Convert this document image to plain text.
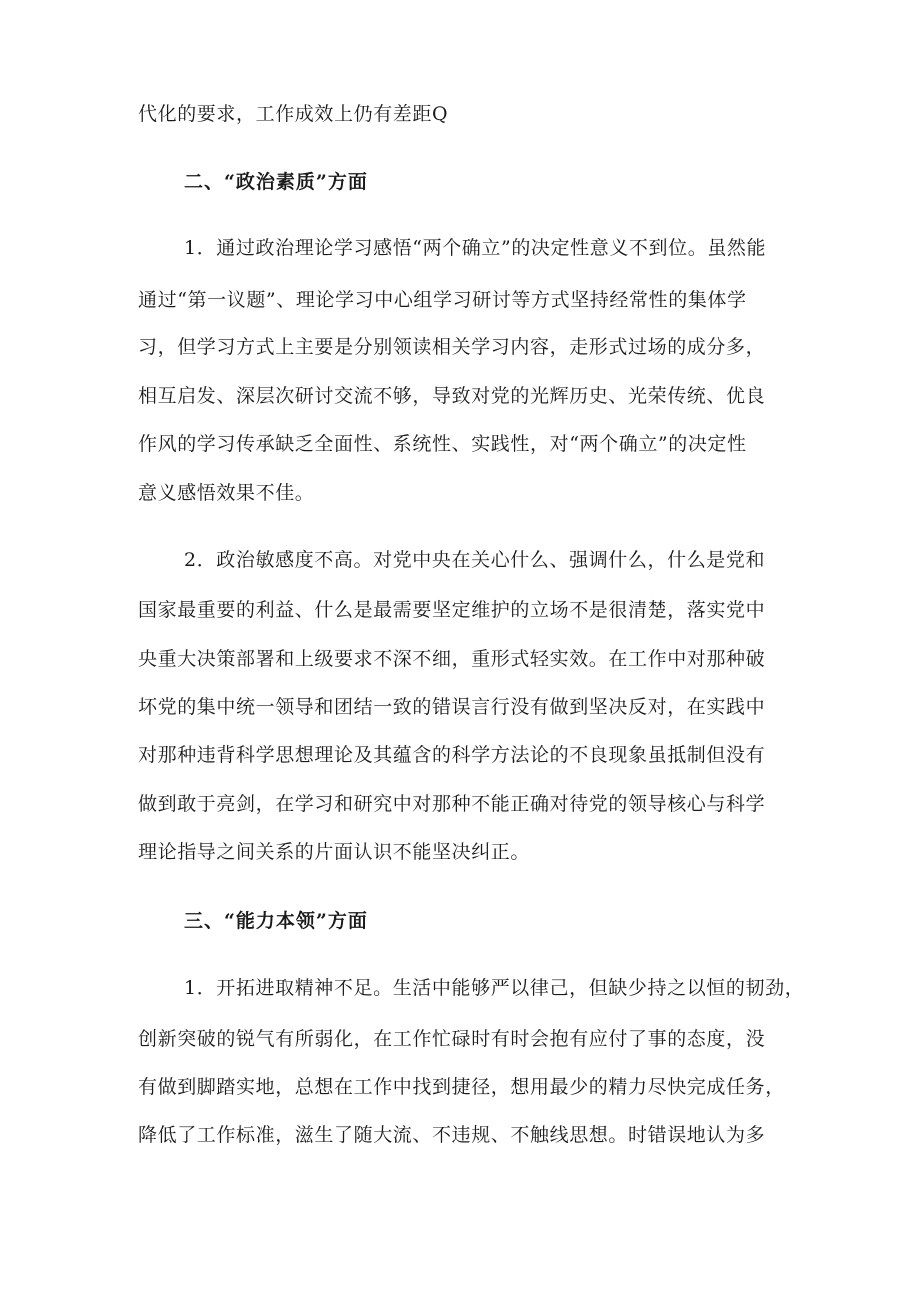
代化的要求，工作成效上仍有差距Q
二、“政治素质”方面
1．通过政治理论学习感悟“两个确立”的决定性意义不到位。虽然能
通过“第一议题”、理论学习中心组学习研讨等方式坚持经常性的集体学
习，但学习方式上主要是分别领读相关学习内容，走形式过场的成分多，
相互启发、深层次研讨交流不够，导致对党的光辉历史、光荣传统、优良
作风的学习传承缺乏全面性、系统性、实践性，对“两个确立”的决定性
意义感悟效果不佳。
2．政治敏感度不高。对党中央在关心什么、强调什么，什么是党和
国家最重要的利益、什么是最需要坚定维护的立场不是很清楚，落实党中
央重大决策部署和上级要求不深不细，重形式轻实效。在工作中对那种破
坏党的集中统一领导和团结一致的错误言行没有做到坚决反对，在实践中
对那种违背科学思想理论及其蕴含的科学方法论的不良现象虽抵制但没有
做到敢于亮剑，在学习和研究中对那种不能正确对待党的领导核心与科学
理论指导之间关系的片面认识不能坚决纠正。
三、“能力本领”方面
1．开拓进取精神不足。生活中能够严以律己，但缺少持之以恒的韧劲，
创新突破的锐气有所弱化，在工作忙碌时有时会抱有应付了事的态度，没
有做到脚踏实地，总想在工作中找到捷径，想用最少的精力尽快完成任务，
降低了工作标准，滋生了随大流、不违规、不触线思想。时错误地认为多
